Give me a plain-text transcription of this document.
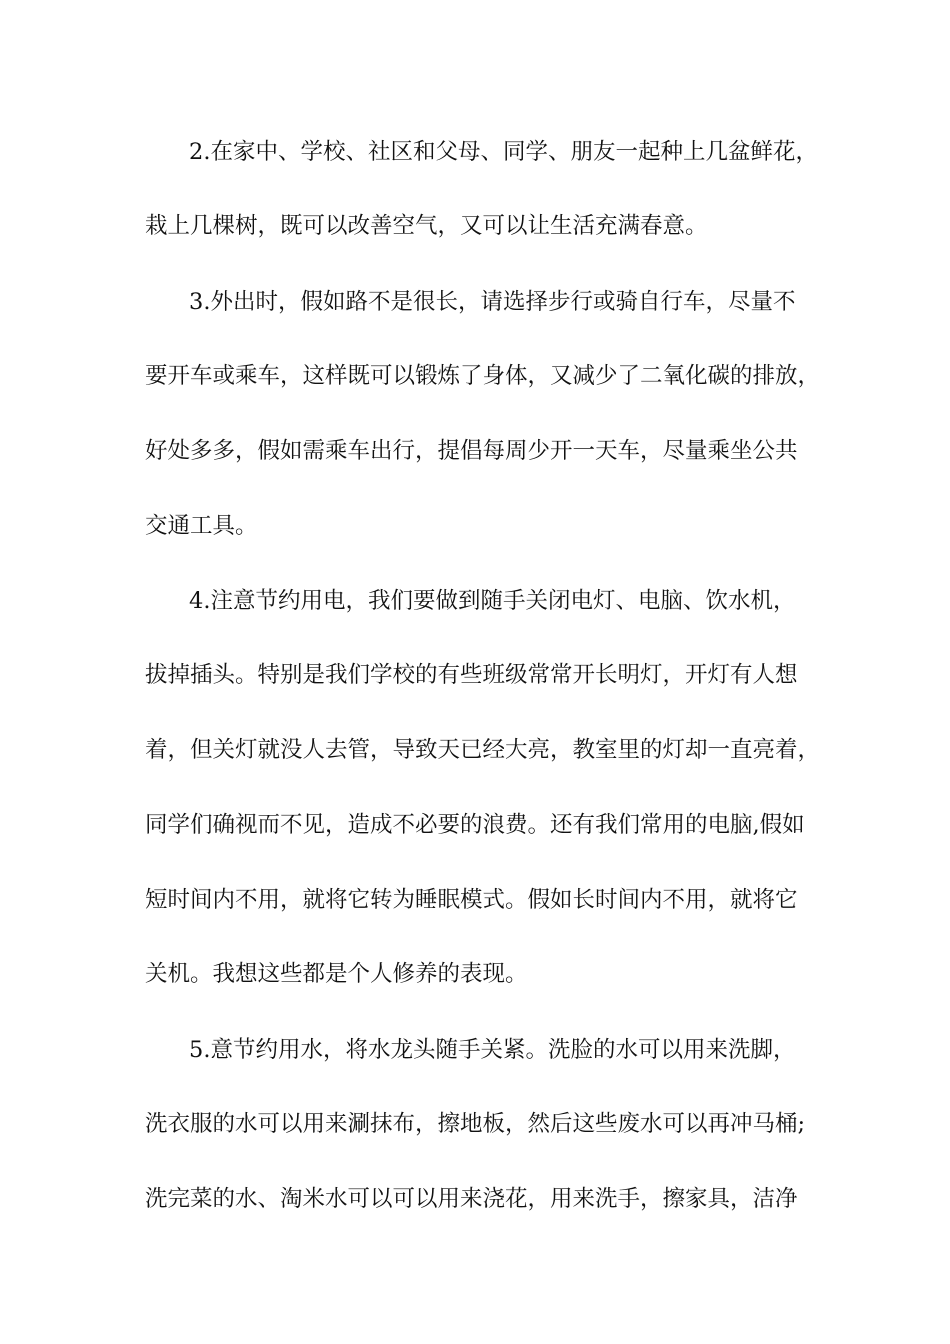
2.在家中、学校、社区和父母、同学、朋友一起种上几盆鲜花，
栽上几棵树，既可以改善空气，又可以让生活充满春意。
3.外出时，假如路不是很长，请选择步行或骑自行车，尽量不
要开车或乘车，这样既可以锻炼了身体，又减少了二氧化碳的排放，
好处多多，假如需乘车出行，提倡每周少开一天车，尽量乘坐公共
交通工具。
4.注意节约用电，我们要做到随手关闭电灯、电脑、饮水机，
拔掉插头。特别是我们学校的有些班级常常开长明灯，开灯有人想
着，但关灯就没人去管，导致天已经大亮，教室里的灯却一直亮着，
同学们确视而不见，造成不必要的浪费。还有我们常用的电脑,假如
短时间内不用，就将它转为睡眠模式。假如长时间内不用，就将它
关机。我想这些都是个人修养的表现。
5.意节约用水，将水龙头随手关紧。洗脸的水可以用来洗脚，
洗衣服的水可以用来涮抹布，擦地板，然后这些废水可以再冲马桶;
洗完菜的水、淘米水可以可以用来浇花，用来洗手，擦家具，洁净
